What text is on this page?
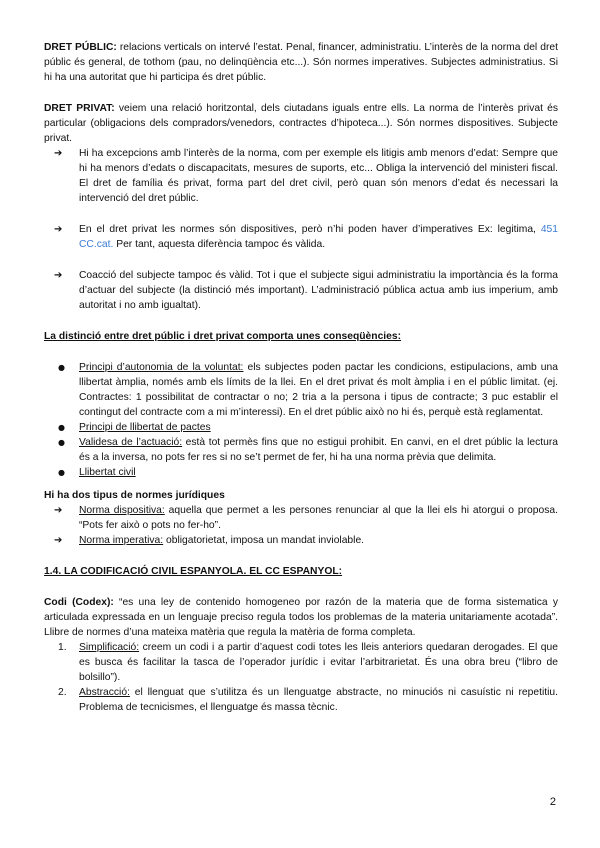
DRET PÚBLIC: relacions verticals on intervé l’estat. Penal, financer, administratiu. L’interès de la norma del dret públic és general, de tothom (pau, no delinqüència etc...). Són normes imperatives. Subjectes administratius. Si hi ha una autoritat que hi participa és dret públic.

DRET PRIVAT: veiem una relació horitzontal, dels ciutadans iguals entre ells. La norma de l’interès privat és particular (obligacions dels compradors/venedors, contractes d’hipoteca...). Són normes dispositives. Subjecte privat.

➔ Hi ha excepcions amb l’interès de la norma, com per exemple els litigis amb menors d’edat: Sempre que hi ha menors d’edats o discapacitats, mesures de suports, etc... Obliga la intervenció del ministeri fiscal. El dret de família és privat, forma part del dret civil, però quan són menors d’edat és necessari la intervenció del dret públic.
➔ En el dret privat les normes són dispositives, però n’hi poden haver d’imperatives Ex: legitima, 451 CC.cat. Per tant, aquesta diferència tampoc és vàlida.
➔ Coacció del subjecte tampoc és vàlid. Tot i que el subjecte sigui administratiu la importància és la forma d’actuar del subjecte (la distinció més important). L’administració pública actua amb ius imperium, amb autoritat i no amb igualtat).

La distinció entre dret públic i dret privat comporta unes conseqüències:

● Principi d’autonomia de la voluntat: els subjectes poden pactar les condicions, estipulacions, amb una llibertat àmplia, només amb els límits de la llei. En el dret privat és molt àmplia i en el públic limitat. (ej. Contractes: 1 possibilitat de contractar o no; 2 tria a la persona i tipus de contracte; 3 puc establir el contingut del contracte com a mi m’interessi). En el dret públic això no hi és, perquè està reglamentat.
● Principi de llibertat de pactes
● Validesa de l’actuació: està tot permès fins que no estigui prohibit. En canvi, en el dret públic la lectura és a la inversa, no pots fer res si no se’t permet de fer, hi ha una norma prèvia que delimita.
● Llibertat civil

Hi ha dos tipus de normes jurídiques

➔ Norma dispositiva: aquella que permet a les persones renunciar al que la llei els hi atorgui o proposa. “Pots fer això o pots no fer-ho”.
➔ Norma imperativa: obligatorietat, imposa un mandat inviolable.

1.4. LA CODIFICACIÓ CIVIL ESPANYOLA. EL CC ESPANYOL:

Codi (Codex): “es una ley de contenido homogeneo por razón de la materia que de forma sistematica y articulada expressada en un lenguaje preciso regula todos los problemas de la materia unitariamente acotada”. Llibre de normes d’una mateixa matèria que regula la matèria de forma completa.

1. Simplificació: creem un codi i a partir d’aquest codi totes les lleis anteriors quedaran derogades. El que es busca és facilitar la tasca de l’operador jurídic i evitar l’arbitrarietat. És una obra breu (“libro de bolsillo”).
2. Abstracció: el llenguat que s’utilitza és un llenguatge abstracte, no minuciós ni casuístic ni repetitiu. Problema de tecnicismes, el llenguatge és massa tècnic.
2
